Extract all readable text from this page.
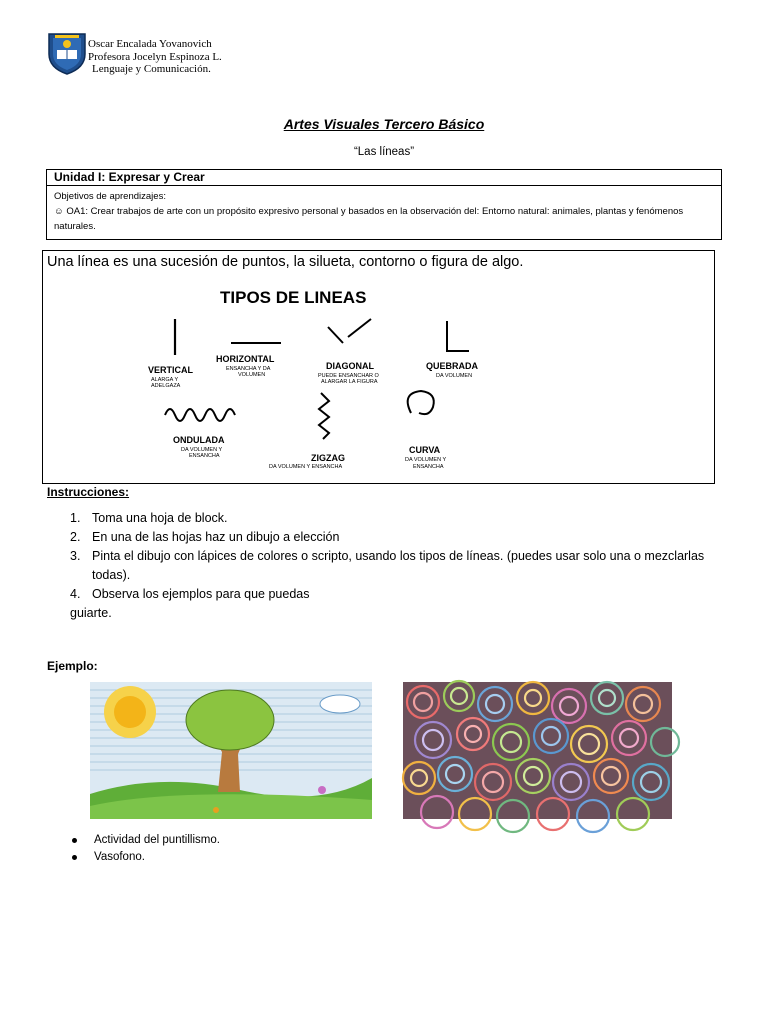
Oscar Encalada Yovanovich
Profesora Jocelyn Espinoza L.
Lenguaje y Comunicación.
Artes Visuales Tercero Básico
“Las líneas”
Unidad I: Expresar y Crear
Objetivos de aprendizajes:
☺ OA1: Crear trabajos de arte con un propósito expresivo personal y basados en la observación del: Entorno natural: animales, plantas y fenómenos naturales.
Una línea es una sucesión de puntos, la silueta, contorno o figura de algo.
TIPOS DE LINEAS
VERTICAL
ALARGA Y
ADELGAZA
HORIZONTAL
ENSANCHA Y DA
VOLUMEN
DIAGONAL
PUEDE ENSANCHAR O
ALARGAR LA FIGURA
QUEBRADA
DA VOLUMEN
ONDULADA
DA VOLUMEN Y
ENSANCHA	ZIGZAG
DA VOLUMEN Y ENSANCHA
CURVA
DA VOLUMEN Y
ENSANCHA
Instrucciones:
1. Toma una hoja de block.
2. En una de las hojas haz un dibujo a elección
3. Pinta el dibujo con lápices de colores o scripto, usando los tipos de líneas. (puedes usar solo una o mezclarlas todas).
4. Observa los ejemplos para que puedas
guiarte.
Ejemplo:
Actividad del puntillismo.
Vasofono.
